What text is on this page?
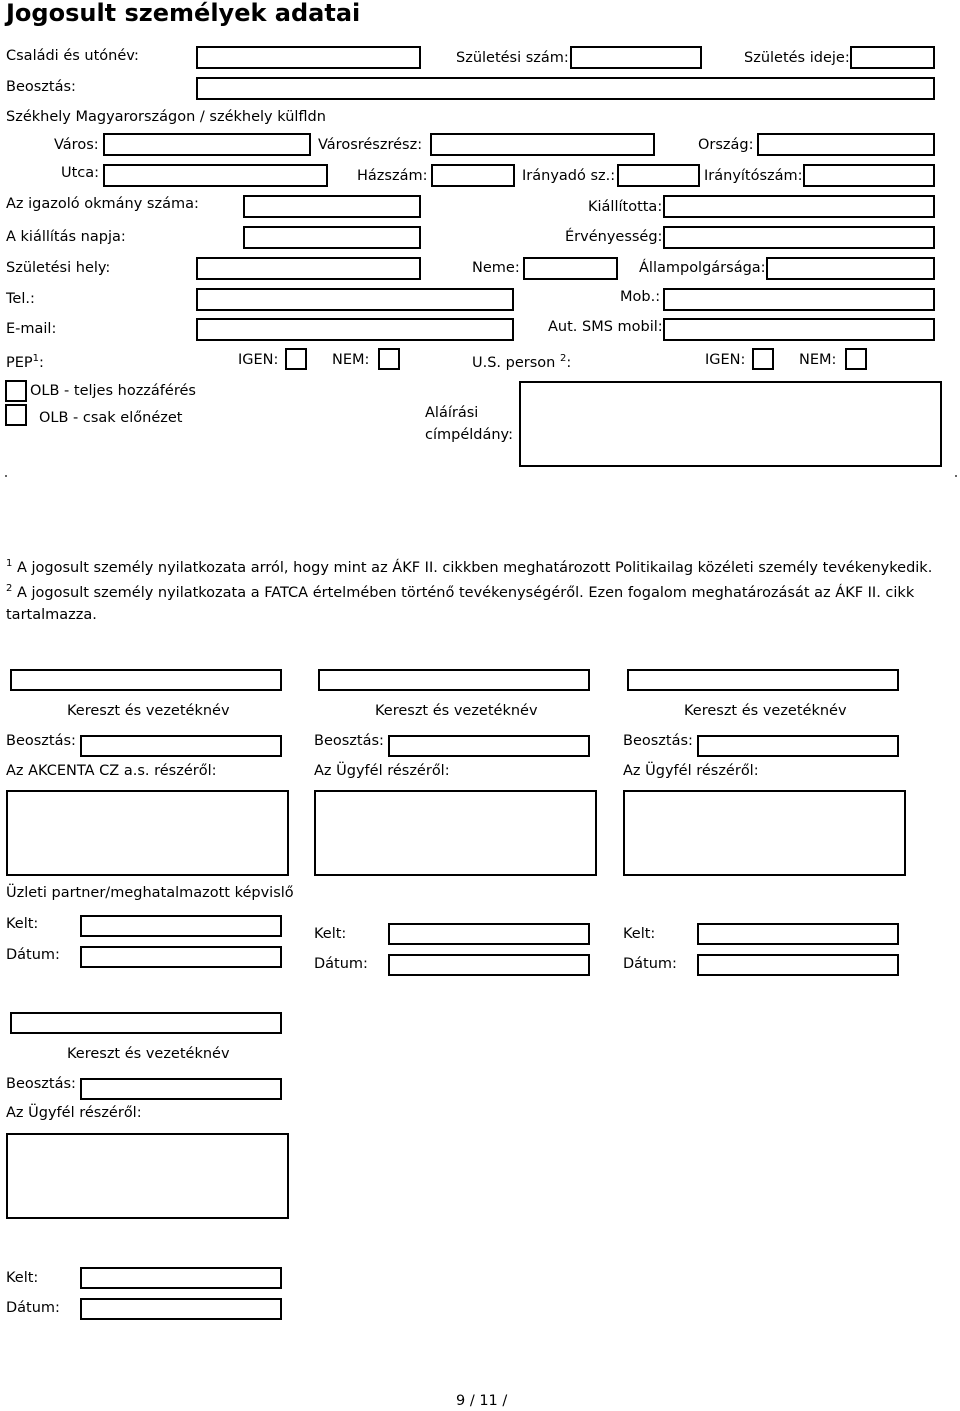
Jogosult személyek adatai
Családi és utónév:	Születési szám:	Születés ideje:
Beosztás:
Székhely Magyarországon / székhely külfldn
Város:	Városrészrész:	Ország:
Utca:	Házszám:	Irányadó sz.:	Irányítószám:
Az igazoló okmány száma:	Kiállította:
A kiállítás napja:	Érvényesség:
Születési hely:	Neme:	Állampolgársága:
Tel.:	Mob.:
E-mail:	Aut. SMS mobil:
PEP$^1$:	IGEN:	NEM:	U.S. person $^2$:	IGEN:	NEM:
OLB - teljes hozzáférés
OLB - csak előnézet	Aláírási
címpéldány:
$^1$ A jogosult személy nyilatkozata arról, hogy mint az ÁKF II. cikkben meghatározott Politikailag közéleti személy tevékenykedik.
$^2$ A jogosult személy nyilatkozata a FATCA értelmében történő tevékenységéről. Ezen fogalom meghatározását az ÁKF II. cikk tartalmazza.
Kereszt és vezetéknév
Beosztás:
Az AKCENTA CZ a.s. részéről:
Kereszt és vezetéknév
Beosztás:
Az Ügyfél részéről:
Kereszt és vezetéknév
Beosztás:
Az Ügyfél részéről:
Üzleti partner/meghatalmazott képvislő
Kelt:
Dátum:
Kelt:
Dátum:
Kelt:
Dátum:
Kereszt és vezetéknév
Beosztás:
Az Ügyfél részéről:
Kelt:
Dátum:
9 / 11 /
